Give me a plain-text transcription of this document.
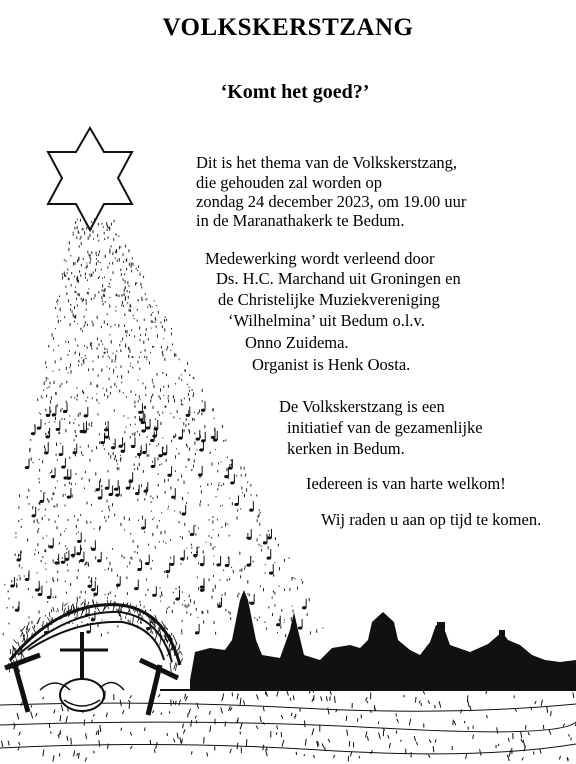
VOLKSKERSTZANG
‘Komt het goed?’
Dit is het thema van de Volkskerstzang,
die gehouden zal worden op
zondag 24 december 2023, om 19.00 uur
in de Maranathakerk te Bedum.
Medewerking wordt verleend door
Ds. H.C. Marchand uit Groningen en
de Christelijke Muziekvereniging
‘Wilhelmina’ uit Bedum o.l.v.
Onno Zuidema.
Organist is Henk Oosta.
De Volkskerstzang is een
initiatief van de gezamenlijke
kerken in Bedum.
Iedereen is van harte welkom!
Wij raden u aan op tijd te komen.
